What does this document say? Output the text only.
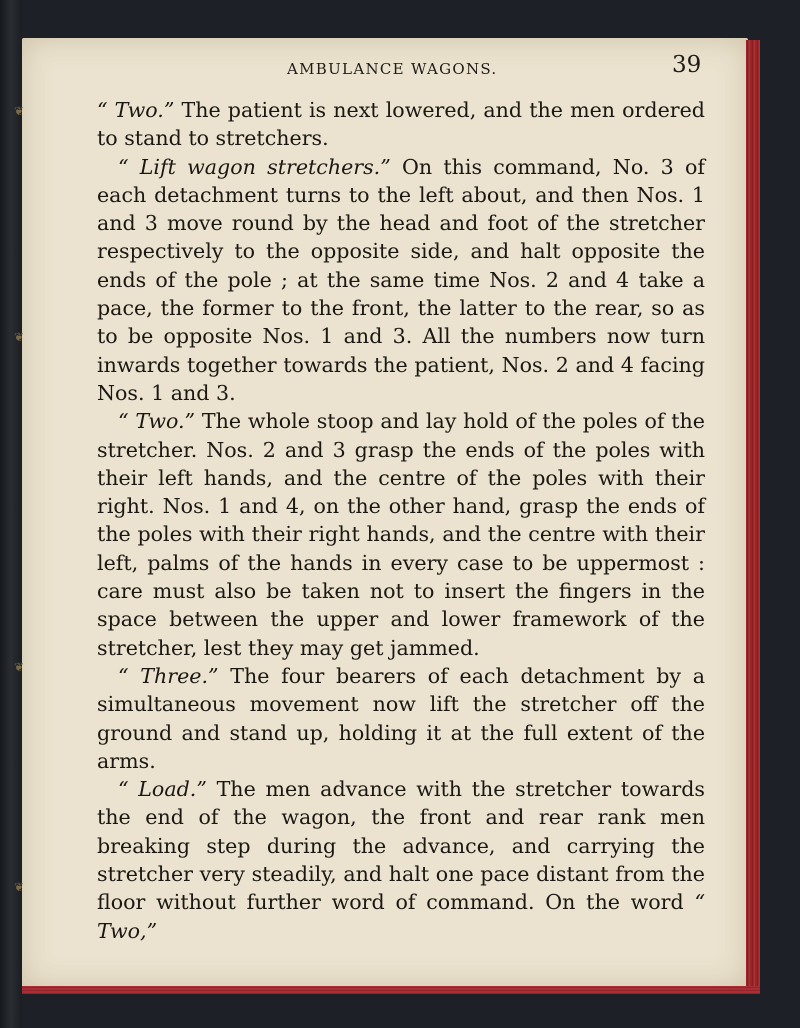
❦
❦
❦
❦
AMBULANCE WAGONS.	39

“ Two.” The patient is next lowered, and the men ordered to stand to stretchers.

“ Lift wagon stretchers.” On this command, No. 3 of each detachment turns to the left about, and then Nos. 1 and 3 move round by the head and foot of the stretcher respectively to the opposite side, and halt opposite the ends of the pole ; at the same time Nos. 2 and 4 take a pace, the former to the front, the latter to the rear, so as to be opposite Nos. 1 and 3. All the numbers now turn inwards together towards the patient, Nos. 2 and 4 facing Nos. 1 and 3.

“ Two.” The whole stoop and lay hold of the poles of the stretcher. Nos. 2 and 3 grasp the ends of the poles with their left hands, and the centre of the poles with their right. Nos. 1 and 4, on the other hand, grasp the ends of the poles with their right hands, and the centre with their left, palms of the hands in every case to be uppermost : care must also be taken not to insert the fingers in the space between the upper and lower framework of the stretcher, lest they may get jammed.

“ Three.” The four bearers of each detachment by a simultaneous movement now lift the stretcher off the ground and stand up, holding it at the full extent of the arms.

“ Load.” The men advance with the stretcher towards the end of the wagon, the front and rear rank men breaking step during the advance, and carrying the stretcher very steadily, and halt one pace distant from the floor without further word of command. On the word “ Two,”
